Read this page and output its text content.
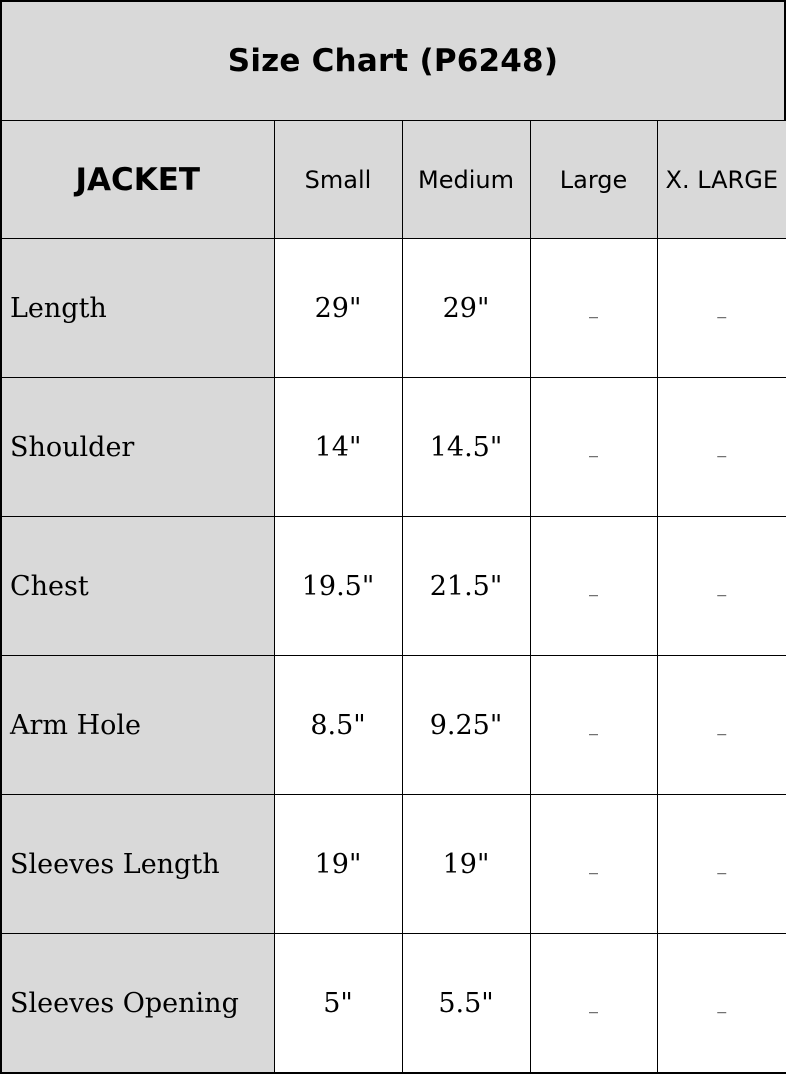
Size Chart (P6248)
JACKET	Small	Medium	Large	X. LARGE
Length	29"	29"	_	_
Shoulder	14"	14.5"	_	_
Chest	19.5"	21.5"	_	_
Arm Hole	8.5"	9.25"	_	_
Sleeves Length	19"	19"	_	_
Sleeves Opening	5"	5.5"	_	_
